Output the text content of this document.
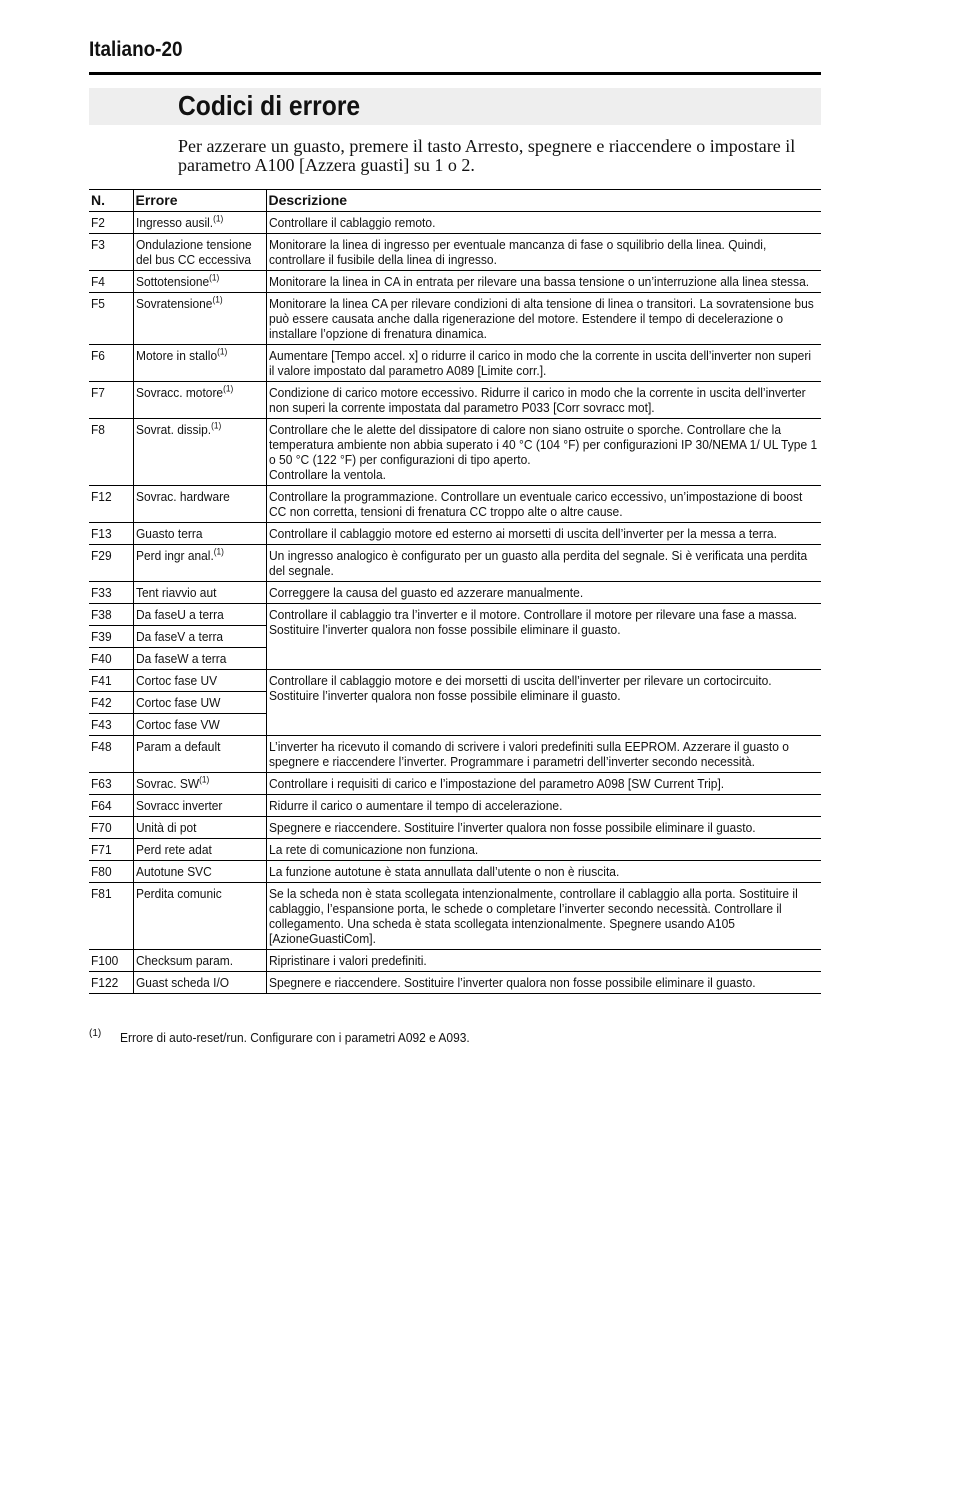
Italiano-20
Codici di errore
Per azzerare un guasto, premere il tasto Arresto, spegnere e riaccendere o impostare il parametro A100 [Azzera guasti] su 1 o 2.
N.	Errore	Descrizione
F2	Ingresso ausil.$^{(1)}$	Controllare il cablaggio remoto.

F3	Ondulazione tensione del bus CC eccessiva	Monitorare la linea di ingresso per eventuale mancanza di fase o squilibrio della linea. Quindi, controllare il fusibile della linea di ingresso.

F4	Sottotensione$^{(1)}$	Monitorare la linea in CA in entrata per rilevare una bassa tensione o un’interruzione alla linea stessa.

F5	Sovratensione$^{(1)}$	Monitorare la linea CA per rilevare condizioni di alta tensione di linea o transitori. La sovratensione bus può essere causata anche dalla rigenerazione del motore. Estendere il tempo di decelerazione o installare l’opzione di frenatura dinamica.

F6	Motore in stallo$^{(1)}$	Aumentare [Tempo accel. x] o ridurre il carico in modo che la corrente in uscita dell’inverter non superi il valore impostato dal parametro A089 [Limite corr.].

F7	Sovracc. motore$^{(1)}$	Condizione di carico motore eccessivo. Ridurre il carico in modo che la corrente in uscita dell’inverter non superi la corrente impostata dal parametro P033 [Corr sovracc mot].

F8	Sovrat. dissip.$^{(1)}$	Controllare che le alette del dissipatore di calore non siano ostruite o sporche. Controllare che la temperatura ambiente non abbia superato i 40 °C (104 °F) per configurazioni IP 30/NEMA 1/ UL Type 1 o 50 °C (122 °F) per configurazioni di tipo aperto.
Controllare la ventola.

F12	Sovrac. hardware	Controllare la programmazione. Controllare un eventuale carico eccessivo, un’impostazione di boost CC non corretta, tensioni di frenatura CC troppo alte o altre cause.

F13	Guasto terra	Controllare il cablaggio motore ed esterno ai morsetti di uscita dell’inverter per la messa a terra.

F29	Perd ingr anal.$^{(1)}$	Un ingresso analogico è configurato per un guasto alla perdita del segnale. Si è verificata una perdita del segnale.

F33	Tent riavvio aut	Correggere la causa del guasto ed azzerare manualmente.

F38	Da faseU a terra	Controllare il cablaggio tra l’inverter e il motore. Controllare il motore per rilevare una fase a massa.
Sostituire l’inverter qualora non fosse possibile eliminare il guasto.

F39	Da faseV a terra	
F40	Da faseW a terra	
F41	Cortoc fase UV	Controllare il cablaggio motore e dei morsetti di uscita dell’inverter per rilevare un cortocircuito. Sostituire l’inverter qualora non fosse possibile eliminare il guasto.

F42	Cortoc fase UW	
F43	Cortoc fase VW	
F48	Param a default	L’inverter ha ricevuto il comando di scrivere i valori predefiniti sulla EEPROM. Azzerare il guasto o spegnere e riaccendere l’inverter. Programmare i parametri dell’inverter secondo necessità.

F63	Sovrac. SW$^{(1)}$	Controllare i requisiti di carico e l’impostazione del parametro A098 [SW Current Trip].

F64	Sovracc inverter	Ridurre il carico o aumentare il tempo di accelerazione.

F70	Unità di pot	Spegnere e riaccendere. Sostituire l’inverter qualora non fosse possibile eliminare il guasto.

F71	Perd rete adat	La rete di comunicazione non funziona.

F80	Autotune SVC	La funzione autotune è stata annullata dall’utente o non è riuscita.

F81	Perdita comunic	Se la scheda non è stata scollegata intenzionalmente, controllare il cablaggio alla porta. Sostituire il cablaggio, l’espansione porta, le schede o completare l’inverter secondo necessità. Controllare il collegamento. Una scheda è stata scollegata intenzionalmente. Spegnere usando A105 [AzioneGuastiCom].

F100	Checksum param.	Ripristinare i valori predefiniti.

F122	Guast scheda I/O	Spegnere e riaccendere. Sostituire l’inverter qualora non fosse possibile eliminare il guasto.
(1) Errore di auto-reset/run. Configurare con i parametri A092 e A093.
